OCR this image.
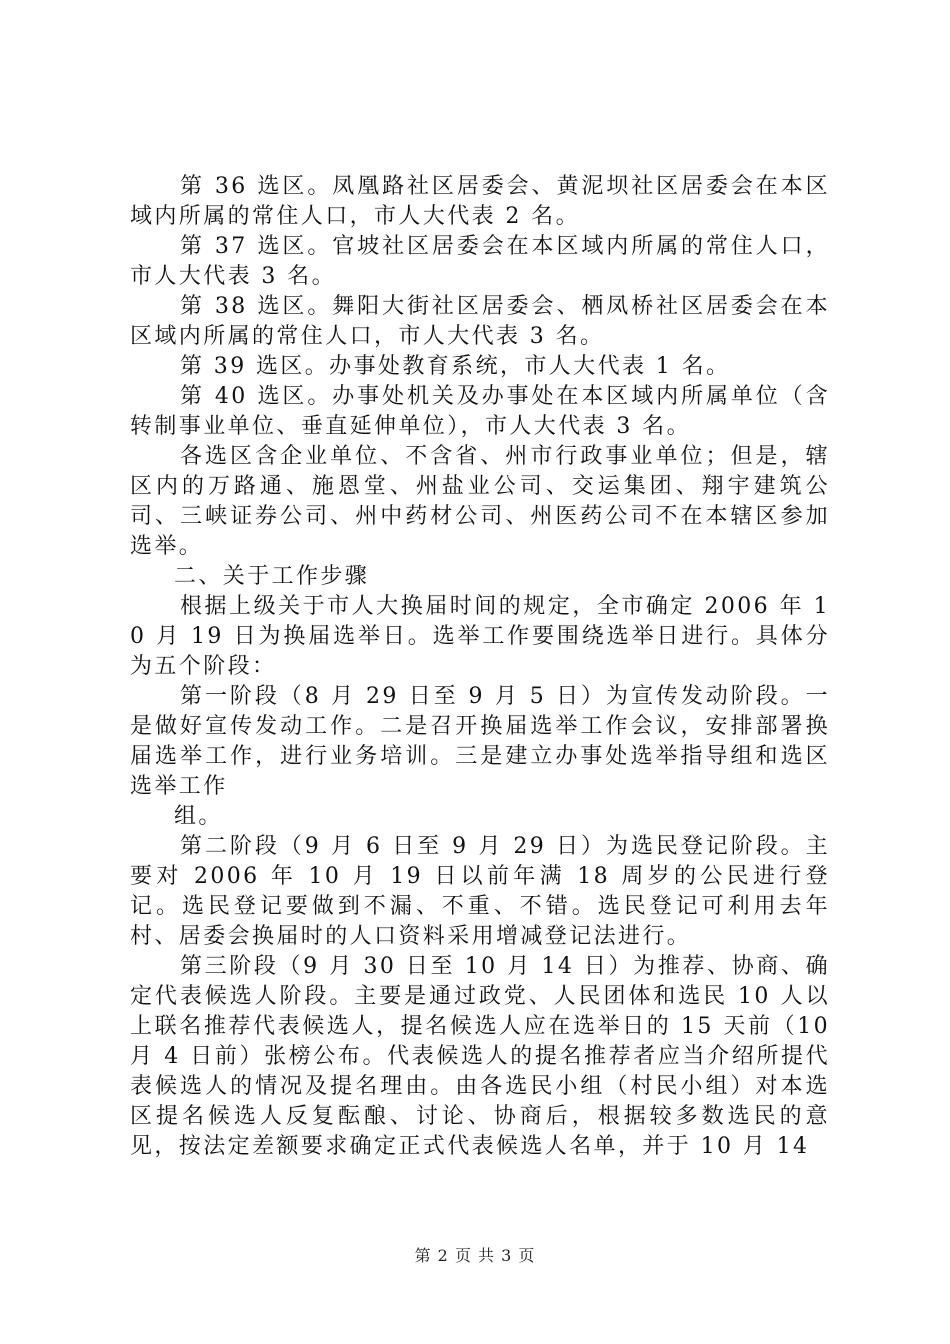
第 36 选区。凤凰路社区居委会、黄泥坝社区居委会在本区域内所属的常住人口，市人大代表 2 名。

第 37 选区。官坡社区居委会在本区域内所属的常住人口，市人大代表 3 名。

第 38 选区。舞阳大街社区居委会、栖凤桥社区居委会在本区域内所属的常住人口，市人大代表 3 名。

第 39 选区。办事处教育系统，市人大代表 1 名。

第 40 选区。办事处机关及办事处在本区域内所属单位（含转制事业单位、垂直延伸单位），市人大代表 3 名。

各选区含企业单位、不含省、州市行政事业单位；但是，辖区内的万路通、施恩堂、州盐业公司、交运集团、翔宇建筑公司、三峡证券公司、州中药材公司、州医药公司不在本辖区参加选举。

二、关于工作步骤

根据上级关于市人大换届时间的规定，全市确定 2006 年 10 月 19 日为换届选举日。选举工作要围绕选举日进行。具体分为五个阶段：

第一阶段（8 月 29 日至 9 月 5 日）为宣传发动阶段。一是做好宣传发动工作。二是召开换届选举工作会议，安排部署换届选举工作，进行业务培训。三是建立办事处选举指导组和选区选举工作

组。

第二阶段（9 月 6 日至 9 月 29 日）为选民登记阶段。主要对 2006 年 10 月 19 日以前年满 18 周岁的公民进行登记。选民登记要做到不漏、不重、不错。选民登记可利用去年村、居委会换届时的人口资料采用增减登记法进行。

第三阶段（9 月 30 日至 10 月 14 日）为推荐、协商、确定代表候选人阶段。主要是通过政党、人民团体和选民 10 人以上联名推荐代表候选人，提名候选人应在选举日的 15 天前（10 月 4 日前）张榜公布。代表候选人的提名推荐者应当介绍所提代表候选人的情况及提名理由。由各选民小组（村民小组）对本选区提名候选人反复酝酿、讨论、协商后，根据较多数选民的意见，按法定差额要求确定正式代表候选人名单，并于 10 月 14

第 2 页 共 3 页
